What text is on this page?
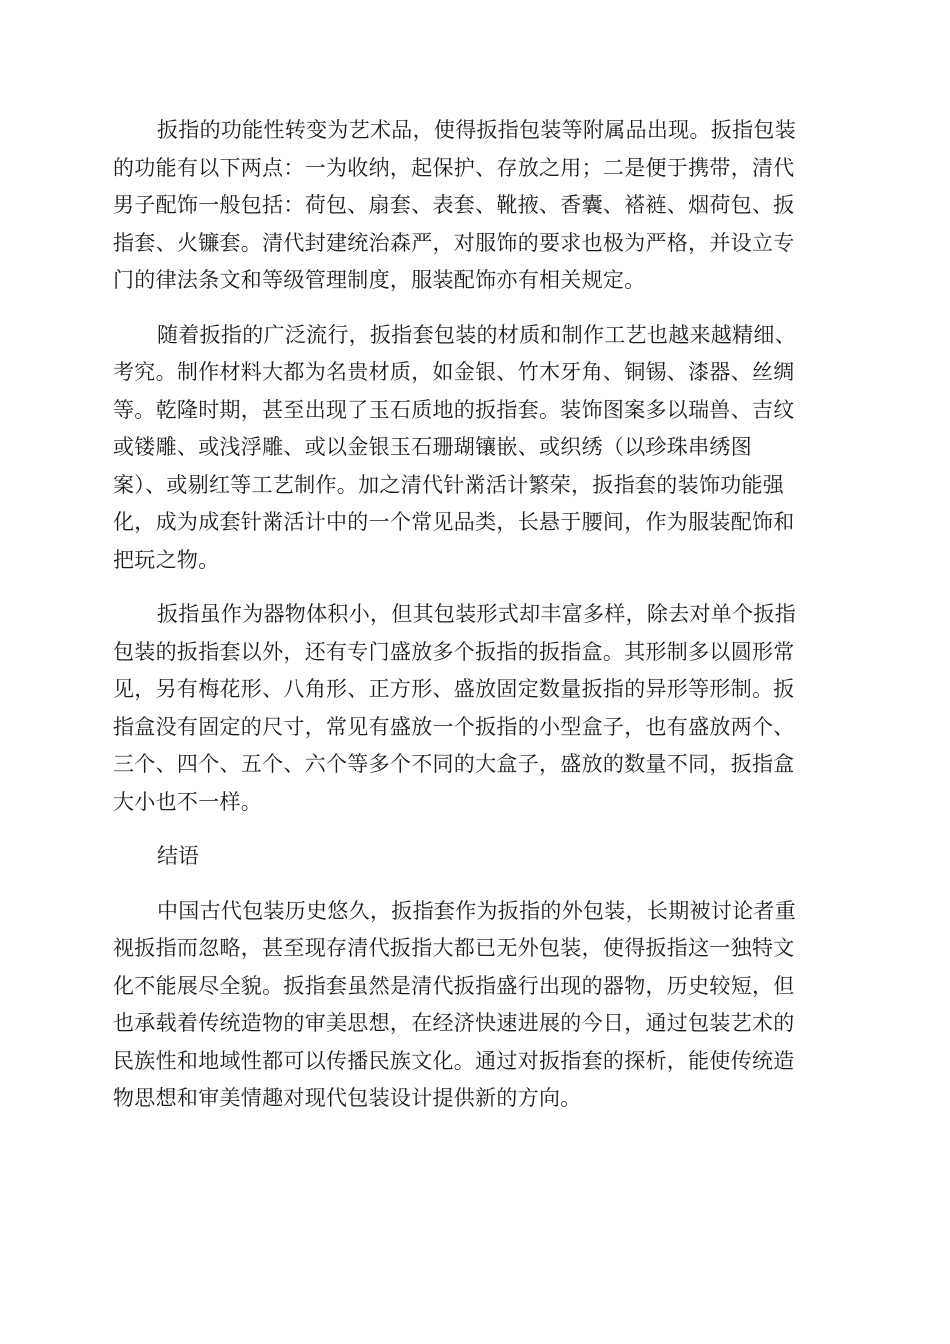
扳指的功能性转变为艺术品，使得扳指包装等附属品出现。扳指包装
的功能有以下两点：一为收纳，起保护、存放之用；二是便于携带，清代
男子配饰一般包括：荷包、扇套、表套、靴掖、香囊、褡裢、烟荷包、扳
指套、火镰套。清代封建统治森严，对服饰的要求也极为严格，并设立专
门的律法条文和等级管理制度，服装配饰亦有相关规定。
随着扳指的广泛流行，扳指套包装的材质和制作工艺也越来越精细、
考究。制作材料大都为名贵材质，如金银、竹木牙角、铜锡、漆器、丝绸
等。乾隆时期，甚至出现了玉石质地的扳指套。装饰图案多以瑞兽、吉纹
或镂雕、或浅浮雕、或以金银玉石珊瑚镶嵌、或织绣（以珍珠串绣图
案）、或剔红等工艺制作。加之清代针黹活计繁荣，扳指套的装饰功能强
化，成为成套针黹活计中的一个常见品类，长悬于腰间，作为服装配饰和
把玩之物。
扳指虽作为器物体积小，但其包装形式却丰富多样，除去对单个扳指
包装的扳指套以外，还有专门盛放多个扳指的扳指盒。其形制多以圆形常
见，另有梅花形、八角形、正方形、盛放固定数量扳指的异形等形制。扳
指盒没有固定的尺寸，常见有盛放一个扳指的小型盒子，也有盛放两个、
三个、四个、五个、六个等多个不同的大盒子，盛放的数量不同，扳指盒
大小也不一样。
结语
中国古代包装历史悠久，扳指套作为扳指的外包装，长期被讨论者重
视扳指而忽略，甚至现存清代扳指大都已无外包装，使得扳指这一独特文
化不能展尽全貌。扳指套虽然是清代扳指盛行出现的器物，历史较短，但
也承载着传统造物的审美思想，在经济快速进展的今日，通过包装艺术的
民族性和地域性都可以传播民族文化。通过对扳指套的探析，能使传统造
物思想和审美情趣对现代包装设计提供新的方向。
